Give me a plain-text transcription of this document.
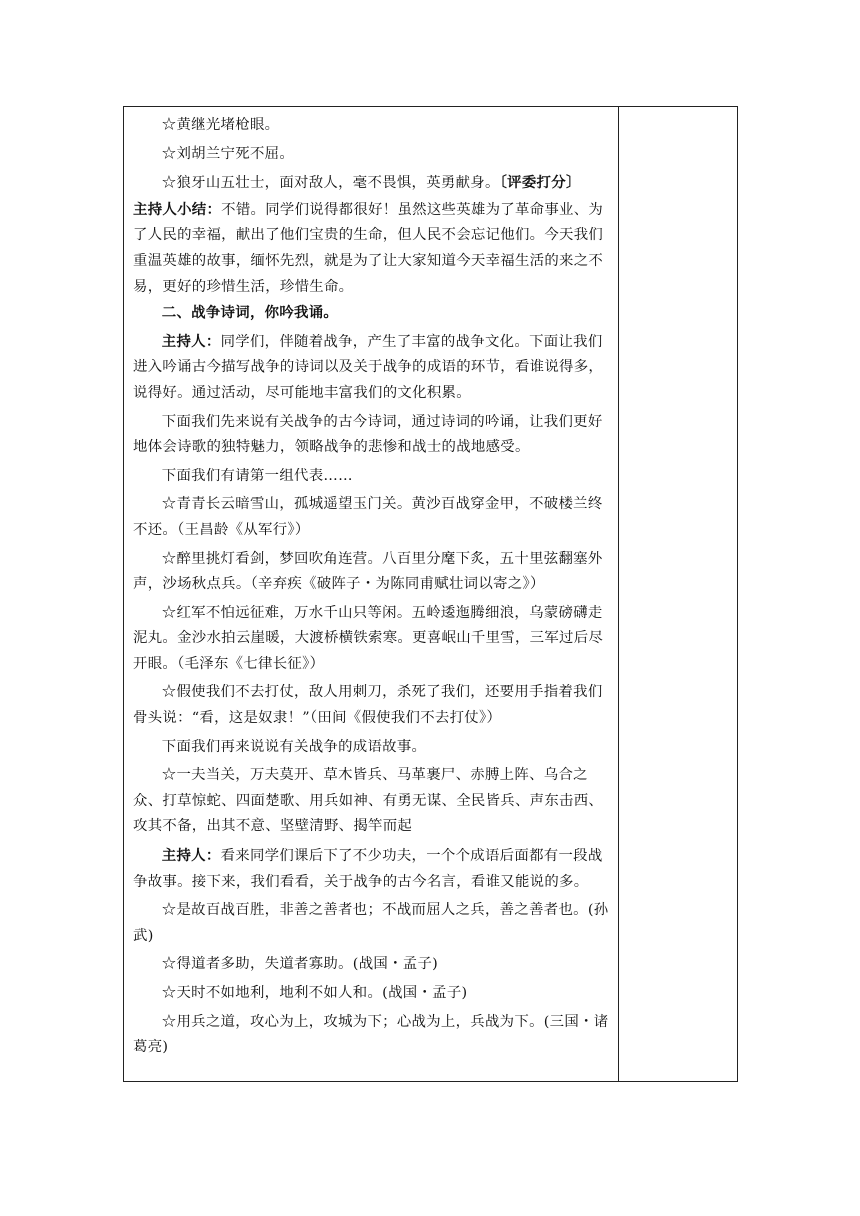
☆黄继光堵枪眼。

☆刘胡兰宁死不屈。

☆狼牙山五壮士，面对敌人，毫不畏惧，英勇献身。〔评委打分〕

主持人小结：不错。同学们说得都很好！虽然这些英雄为了革命事业、为了人民的幸福，献出了他们宝贵的生命，但人民不会忘记他们。今天我们重温英雄的故事，缅怀先烈，就是为了让大家知道今天幸福生活的来之不易，更好的珍惜生活，珍惜生命。

二、战争诗词，你吟我诵。

主持人：同学们，伴随着战争，产生了丰富的战争文化。下面让我们进入吟诵古今描写战争的诗词以及关于战争的成语的环节，看谁说得多，说得好。通过活动，尽可能地丰富我们的文化积累。

下面我们先来说有关战争的古今诗词，通过诗词的吟诵，让我们更好地体会诗歌的独特魅力，领略战争的悲惨和战士的战地感受。

下面我们有请第一组代表……

☆青青长云暗雪山，孤城遥望玉门关。黄沙百战穿金甲，不破楼兰终不还。（王昌龄《从军行》）

☆醉里挑灯看剑，梦回吹角连营。八百里分麾下炙，五十里弦翻塞外声，沙场秋点兵。（辛弃疾《破阵子・为陈同甫赋壮词以寄之》）

☆红军不怕远征难，万水千山只等闲。五岭逶迤腾细浪，乌蒙磅礴走泥丸。金沙水拍云崖暖，大渡桥横铁索寒。更喜岷山千里雪，三军过后尽开眼。（毛泽东《七律长征》）

☆假使我们不去打仗，敌人用刺刀，杀死了我们，还要用手指着我们骨头说：“看，这是奴隶！”（田间《假使我们不去打仗》）

下面我们再来说说有关战争的成语故事。

☆一夫当关，万夫莫开、草木皆兵、马革裹尸、赤膊上阵、乌合之众、打草惊蛇、四面楚歌、用兵如神、有勇无谋、全民皆兵、声东击西、攻其不备，出其不意、坚壁清野、揭竿而起

主持人：看来同学们课后下了不少功夫，一个个成语后面都有一段战争故事。接下来，我们看看，关于战争的古今名言，看谁又能说的多。

☆是故百战百胜，非善之善者也；不战而屈人之兵，善之善者也。(孙武)

☆得道者多助，失道者寡助。(战国・孟子)

☆天时不如地利，地利不如人和。(战国・孟子)

☆用兵之道，攻心为上，攻城为下；心战为上，兵战为下。(三国・诸葛亮)
